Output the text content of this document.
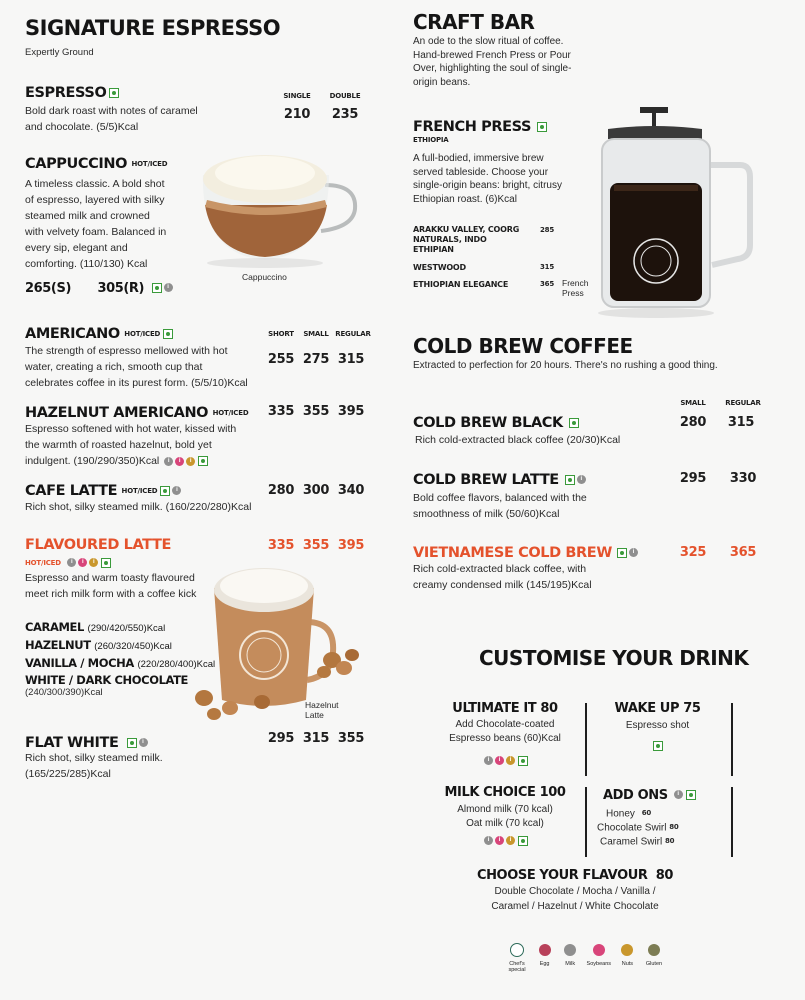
SIGNATURE ESPRESSO
Expertly Ground
ESPRESSO	SINGLE	DOUBLE
210	235
Bold dark roast with notes of caramel and chocolate. (5/5)Kcal
CAPPUCCINO HOT/ICED
A timeless classic. A bold shot of espresso, layered with silky steamed milk and crowned with velvety foam. Balanced in every sip, elegant and comforting. (110/130) Kcal
265(S) 305(R)	i
Cappuccino
SHORT	SMALL REGULAR
AMERICANO HOT/ICED
The strength of espresso mellowed with hot water, creating a rich, smooth cup that celebrates coffee in its purest form. (5/5/10)Kcal
255 275 315
HAZELNUT AMERICANO HOT/ICED
Espresso softened with hot water, kissed with the warmth of roasted hazelnut, bold yet indulgent. (190/290/350)Kcal i i i
335 355 395
CAFE LATTE HOT/ICED	i
Rich shot, silky steamed milk. (160/220/280)Kcal
280 300 340
FLAVOURED LATTE
HOT/ICED i i i
335 355 395
Espresso and warm toasty flavoured meet rich milk form with a coffee kick
CARAMEL (290/420/550)Kcal
HAZELNUT (260/320/450)Kcal
VANILLA / MOCHA (220/280/400)Kcal
WHITE / DARK CHOCOLATE
(240/300/390)Kcal
Hazelnut Latte
FLAT WHITE	i
Rich shot, silky steamed milk. (165/225/285)Kcal
295 315 355
CRAFT BAR
An ode to the slow ritual of coffee. Hand-brewed French Press or Pour Over, highlighting the soul of single-origin beans.
FRENCH PRESS
ETHIOPIA
A full-bodied, immersive brew served tableside. Choose your single-origin beans: bright, citrusy Ethiopian roast. (6)Kcal
ARAKKU VALLEY, COORG NATURALS, INDO ETHIPIAN
285
WESTWOOD	315
ETHIOPIAN ELEGANCE	365 French Press
COLD BREW COFFEE
Extracted to perfection for 20 hours. There's no rushing a good thing.
SMALL	REGULAR
COLD BREW BLACK
Rich cold-extracted black coffee (20/30)Kcal
280	315
COLD BREW LATTE	i
Bold coffee flavors, balanced with the smoothness of milk (50/60)Kcal
295	330
VIETNAMESE COLD BREW	i
Rich cold-extracted black coffee, with creamy condensed milk (145/195)Kcal
325	365
CUSTOMISE YOUR DRINK
ULTIMATE IT 80
Add Chocolate-coated Espresso beans (60)Kcal
i i i
WAKE UP 75
Espresso shot
MILK CHOICE 100
Almond milk (70 kcal)
Oat milk (70 kcal)
i i i
ADD ONS i
Honey 60
Chocolate Swirl 80
Caramel Swirl 80
CHOOSE YOUR FLAVOUR  80
Double Chocolate / Mocha / Vanilla /
Caramel / Hazelnut / White Chocolate
Chef's special
Egg	Milk	Soybeans	Nuts	Gluten
